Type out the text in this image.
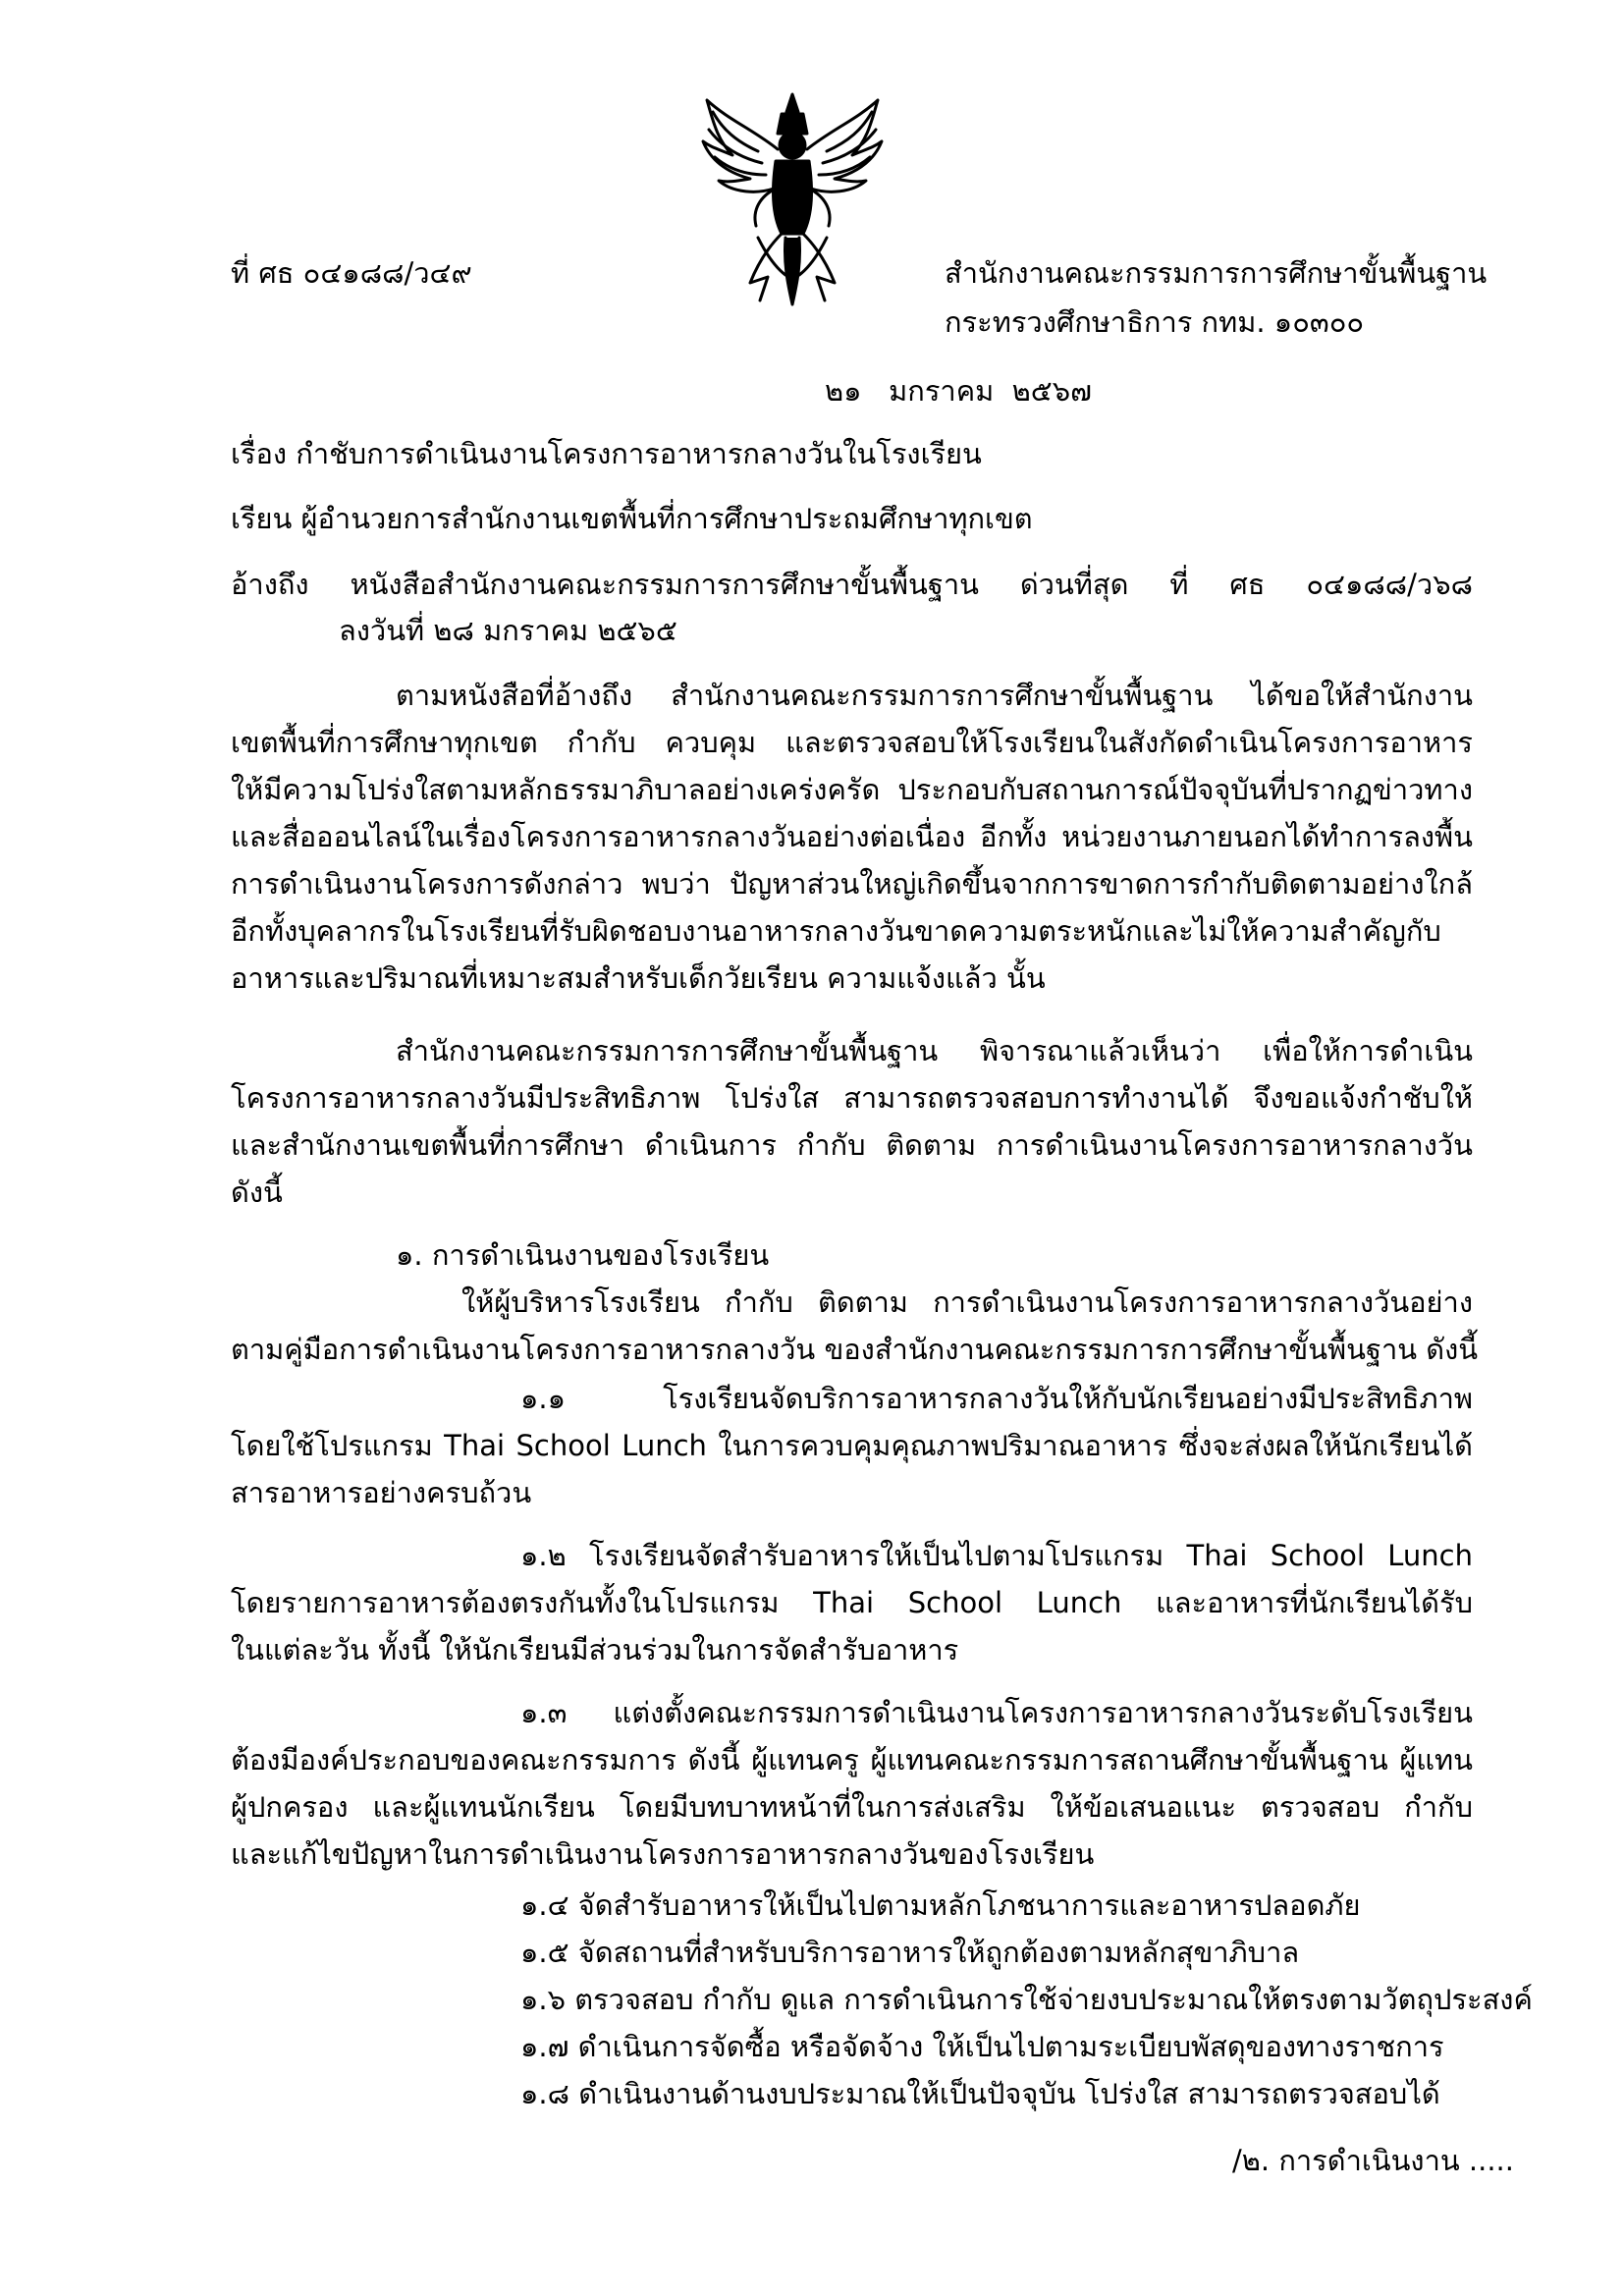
ที่ ศธ ๐๔๑๘๘/ว๔๙	สำนักงานคณะกรรมการการศึกษาขั้นพื้นฐาน
กระทรวงศึกษาธิการ กทม. ๑๐๓๐๐
๒๑   มกราคม  ๒๕๖๗
เรื่อง กำชับการดำเนินงานโครงการอาหารกลางวันในโรงเรียน
เรียน ผู้อำนวยการสำนักงานเขตพื้นที่การศึกษาประถมศึกษาทุกเขต
อ้างถึง หนังสือสำนักงานคณะกรรมการการศึกษาขั้นพื้นฐาน ด่วนที่สุด ที่ ศธ ๐๔๑๘๘/ว๖๘
ลงวันที่ ๒๘ มกราคม ๒๕๖๕
ตามหนังสือที่อ้างถึง สำนักงานคณะกรรมการการศึกษาขั้นพื้นฐาน ได้ขอให้สำนักงาน
เขตพื้นที่การศึกษาทุกเขต กำกับ ควบคุม และตรวจสอบให้โรงเรียนในสังกัดดำเนินโครงการอาหาร
ให้มีความโปร่งใสตามหลักธรรมาภิบาลอย่างเคร่งครัด ประกอบกับสถานการณ์ปัจจุบันที่ปรากฏข่าวทาง
และสื่อออนไลน์ในเรื่องโครงการอาหารกลางวันอย่างต่อเนื่อง อีกทั้ง หน่วยงานภายนอกได้ทำการลงพื้น
การดำเนินงานโครงการดังกล่าว พบว่า ปัญหาส่วนใหญ่เกิดขึ้นจากการขาดการกำกับติดตามอย่างใกล้
อีกทั้งบุคลากรในโรงเรียนที่รับผิดชอบงานอาหารกลางวันขาดความตระหนักและไม่ให้ความสำคัญกับ
อาหารและปริมาณที่เหมาะสมสำหรับเด็กวัยเรียน ความแจ้งแล้ว นั้น
สำนักงานคณะกรรมการการศึกษาขั้นพื้นฐาน พิจารณาแล้วเห็นว่า เพื่อให้การดำเนิน
โครงการอาหารกลางวันมีประสิทธิภาพ โปร่งใส สามารถตรวจสอบการทำงานได้ จึงขอแจ้งกำชับให้
และสำนักงานเขตพื้นที่การศึกษา ดำเนินการ กำกับ ติดตาม การดำเนินงานโครงการอาหารกลางวัน
ดังนี้
๑. การดำเนินงานของโรงเรียน
ให้ผู้บริหารโรงเรียน กำกับ ติดตาม การดำเนินงานโครงการอาหารกลางวันอย่าง
ตามคู่มือการดำเนินงานโครงการอาหารกลางวัน ของสำนักงานคณะกรรมการการศึกษาขั้นพื้นฐาน ดังนี้
๑.๑ โรงเรียนจัดบริการอาหารกลางวันให้กับนักเรียนอย่างมีประสิทธิภาพ
โดยใช้โปรแกรม Thai School Lunch ในการควบคุมคุณภาพปริมาณอาหาร ซึ่งจะส่งผลให้นักเรียนได้
สารอาหารอย่างครบถ้วน
๑.๒ โรงเรียนจัดสำรับอาหารให้เป็นไปตามโปรแกรม Thai School Lunch
โดยรายการอาหารต้องตรงกันทั้งในโปรแกรม Thai School Lunch และอาหารที่นักเรียนได้รับ
ในแต่ละวัน ทั้งนี้ ให้นักเรียนมีส่วนร่วมในการจัดสำรับอาหาร
๑.๓ แต่งตั้งคณะกรรมการดำเนินงานโครงการอาหารกลางวันระดับโรงเรียน
ต้องมีองค์ประกอบของคณะกรรมการ ดังนี้ ผู้แทนครู ผู้แทนคณะกรรมการสถานศึกษาขั้นพื้นฐาน ผู้แทน
ผู้ปกครอง และผู้แทนนักเรียน โดยมีบทบาทหน้าที่ในการส่งเสริม ให้ข้อเสนอแนะ ตรวจสอบ กำกับ
และแก้ไขปัญหาในการดำเนินงานโครงการอาหารกลางวันของโรงเรียน
๑.๔ จัดสำรับอาหารให้เป็นไปตามหลักโภชนาการและอาหารปลอดภัย
๑.๕ จัดสถานที่สำหรับบริการอาหารให้ถูกต้องตามหลักสุขาภิบาล
๑.๖ ตรวจสอบ กำกับ ดูแล การดำเนินการใช้จ่ายงบประมาณให้ตรงตามวัตถุประสงค์
๑.๗ ดำเนินการจัดซื้อ หรือจัดจ้าง ให้เป็นไปตามระเบียบพัสดุของทางราชการ
๑.๘ ดำเนินงานด้านงบประมาณให้เป็นปัจจุบัน โปร่งใส สามารถตรวจสอบได้
/๒. การดำเนินงาน .....
